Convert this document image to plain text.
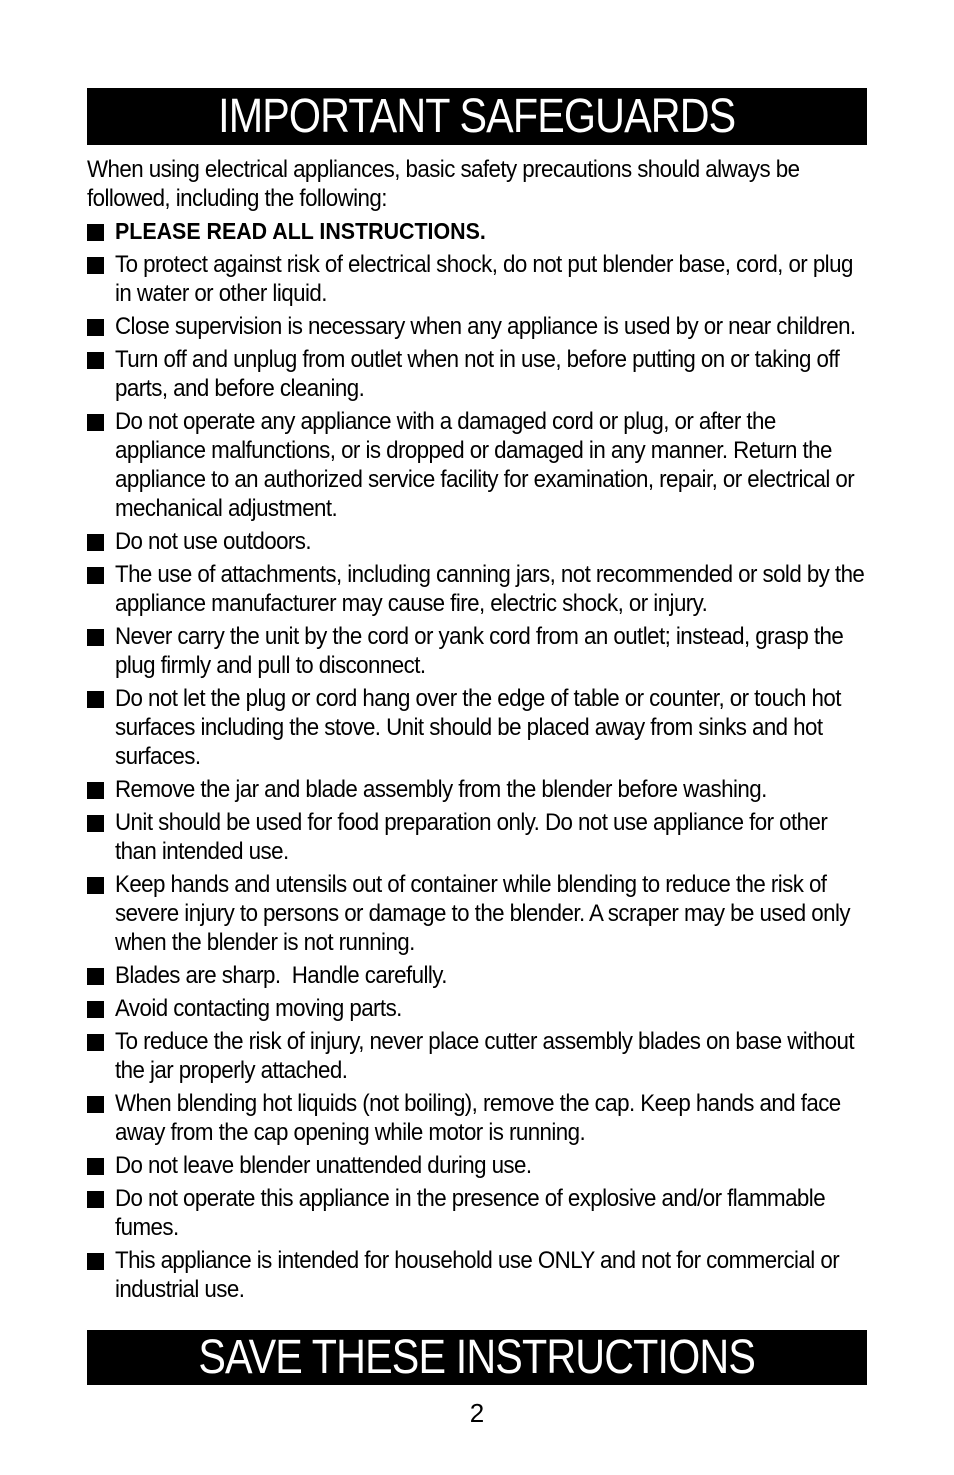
IMPORTANT SAFEGUARDS
When using electrical appliances, basic safety precautions should always be followed, including the following:
PLEASE READ ALL INSTRUCTIONS.
To protect against risk of electrical shock, do not put blender base, cord, or plug in water or other liquid.
Close supervision is necessary when any appliance is used by or near children.
Turn off and unplug from outlet when not in use, before putting on or taking off parts, and before cleaning.
Do not operate any appliance with a damaged cord or plug, or after the appliance malfunctions, or is dropped or damaged in any manner. Return the appliance to an authorized service facility for examination, repair, or electrical or mechanical adjustment.
Do not use outdoors.
The use of attachments, including canning jars, not recommended or sold by the appliance manufacturer may cause fire, electric shock, or injury.
Never carry the unit by the cord or yank cord from an outlet; instead, grasp the plug firmly and pull to disconnect.
Do not let the plug or cord hang over the edge of table or counter, or touch hot surfaces including the stove. Unit should be placed away from sinks and hot surfaces.
Remove the jar and blade assembly from the blender before washing.
Unit should be used for food preparation only. Do not use appliance for other than intended use.
Keep hands and utensils out of container while blending to reduce the risk of severe injury to persons or damage to the blender. A scraper may be used only when the blender is not running.
Blades are sharp.  Handle carefully.
Avoid contacting moving parts.
To reduce the risk of injury, never place cutter assembly blades on base without the jar properly attached.
When blending hot liquids (not boiling), remove the cap. Keep hands and face away from the cap opening while motor is running.
Do not leave blender unattended during use.
Do not operate this appliance in the presence of explosive and/or flammable fumes.
This appliance is intended for household use ONLY and not for commercial or industrial use.
SAVE THESE INSTRUCTIONS
2
